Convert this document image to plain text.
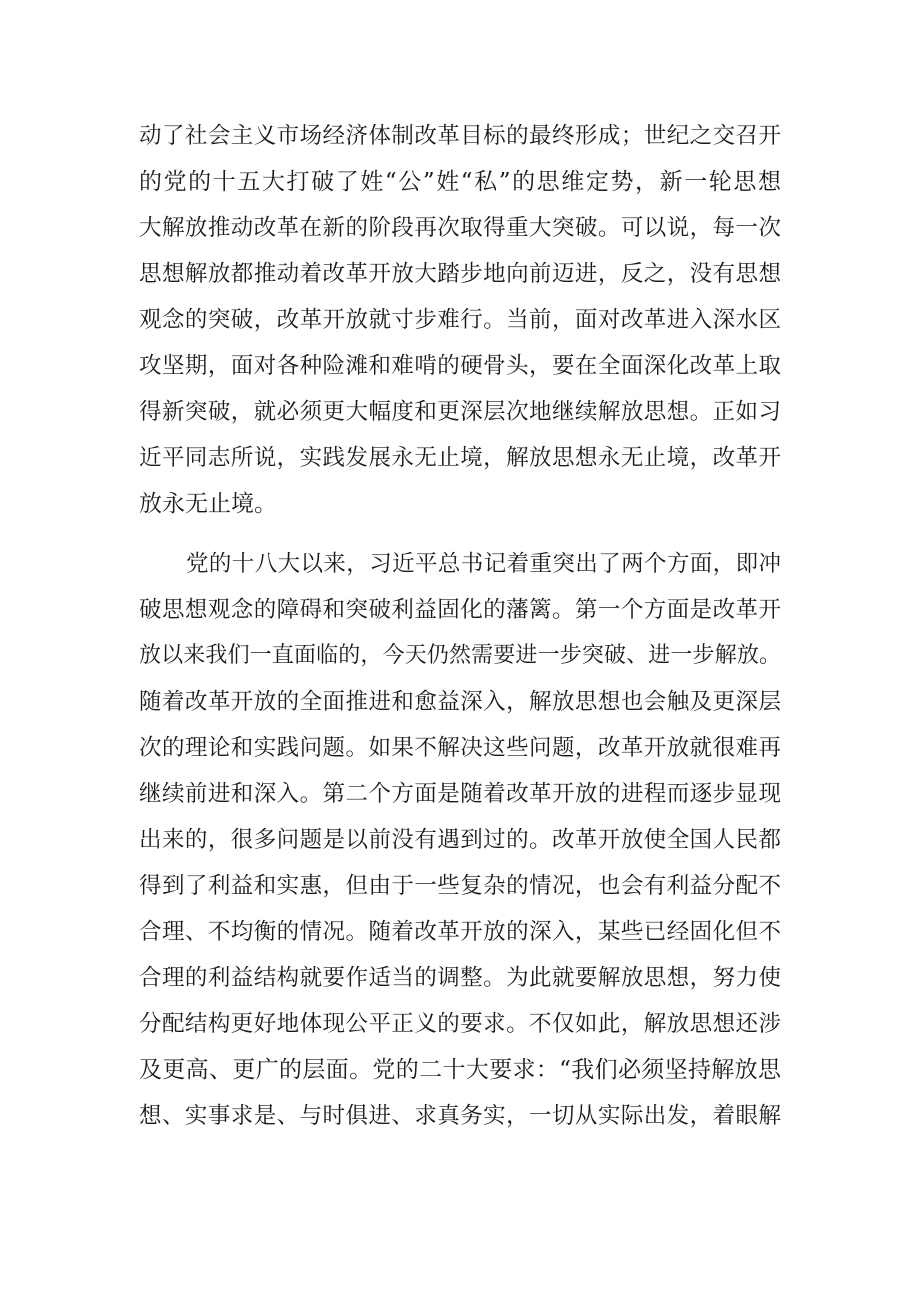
动了社会主义市场经济体制改革目标的最终形成；世纪之交召开
的党的十五大打破了姓“公”姓“私”的思维定势，新一轮思想
大解放推动改革在新的阶段再次取得重大突破。可以说，每一次
思想解放都推动着改革开放大踏步地向前迈进，反之，没有思想
观念的突破，改革开放就寸步难行。当前，面对改革进入深水区
攻坚期，面对各种险滩和难啃的硬骨头，要在全面深化改革上取
得新突破，就必须更大幅度和更深层次地继续解放思想。正如习
近平同志所说，实践发展永无止境，解放思想永无止境，改革开
放永无止境。
党的十八大以来，习近平总书记着重突出了两个方面，即冲
破思想观念的障碍和突破利益固化的藩篱。第一个方面是改革开
放以来我们一直面临的，今天仍然需要进一步突破、进一步解放。
随着改革开放的全面推进和愈益深入，解放思想也会触及更深层
次的理论和实践问题。如果不解决这些问题，改革开放就很难再
继续前进和深入。第二个方面是随着改革开放的进程而逐步显现
出来的，很多问题是以前没有遇到过的。改革开放使全国人民都
得到了利益和实惠，但由于一些复杂的情况，也会有利益分配不
合理、不均衡的情况。随着改革开放的深入，某些已经固化但不
合理的利益结构就要作适当的调整。为此就要解放思想，努力使
分配结构更好地体现公平正义的要求。不仅如此，解放思想还涉
及更高、更广的层面。党的二十大要求：“我们必须坚持解放思
想、实事求是、与时俱进、求真务实，一切从实际出发，着眼解
